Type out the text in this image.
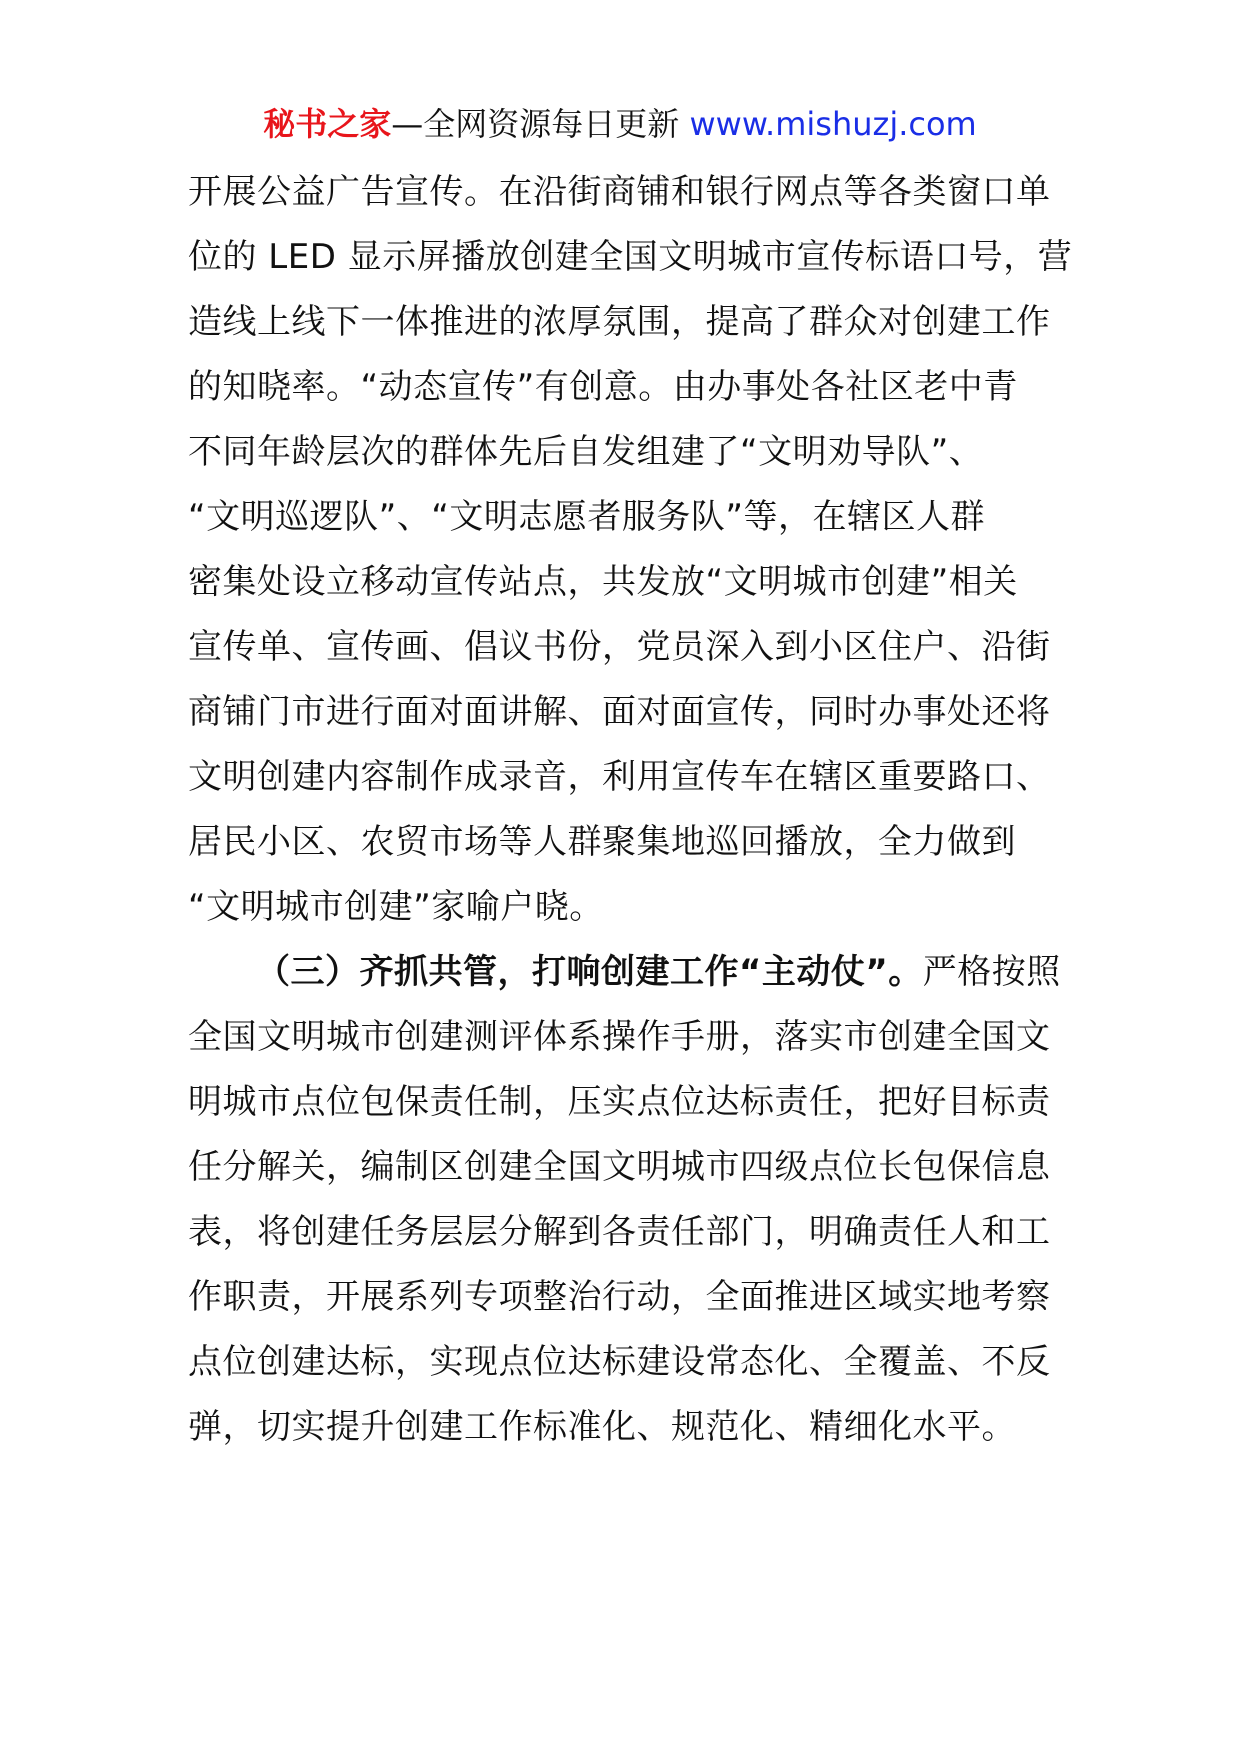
秘书之家—全网资源每日更新 www.mishuzj.com
开展公益广告宣传。在沿街商铺和银行网点等各类窗口单
位的 LED 显示屏播放创建全国文明城市宣传标语口号，营
造线上线下一体推进的浓厚氛围，提高了群众对创建工作
的知晓率。“动态宣传”有创意。由办事处各社区老中青
不同年龄层次的群体先后自发组建了“文明劝导队”、
“文明巡逻队”、“文明志愿者服务队”等，在辖区人群
密集处设立移动宣传站点，共发放“文明城市创建”相关
宣传单、宣传画、倡议书份，党员深入到小区住户、沿街
商铺门市进行面对面讲解、面对面宣传，同时办事处还将
文明创建内容制作成录音，利用宣传车在辖区重要路口、
居民小区、农贸市场等人群聚集地巡回播放，全力做到
“文明城市创建”家喻户晓。
（三）齐抓共管，打响创建工作“主动仗”。严格按照
全国文明城市创建测评体系操作手册，落实市创建全国文
明城市点位包保责任制，压实点位达标责任，把好目标责
任分解关，编制区创建全国文明城市四级点位长包保信息
表，将创建任务层层分解到各责任部门，明确责任人和工
作职责，开展系列专项整治行动，全面推进区域实地考察
点位创建达标，实现点位达标建设常态化、全覆盖、不反
弹，切实提升创建工作标准化、规范化、精细化水平。
